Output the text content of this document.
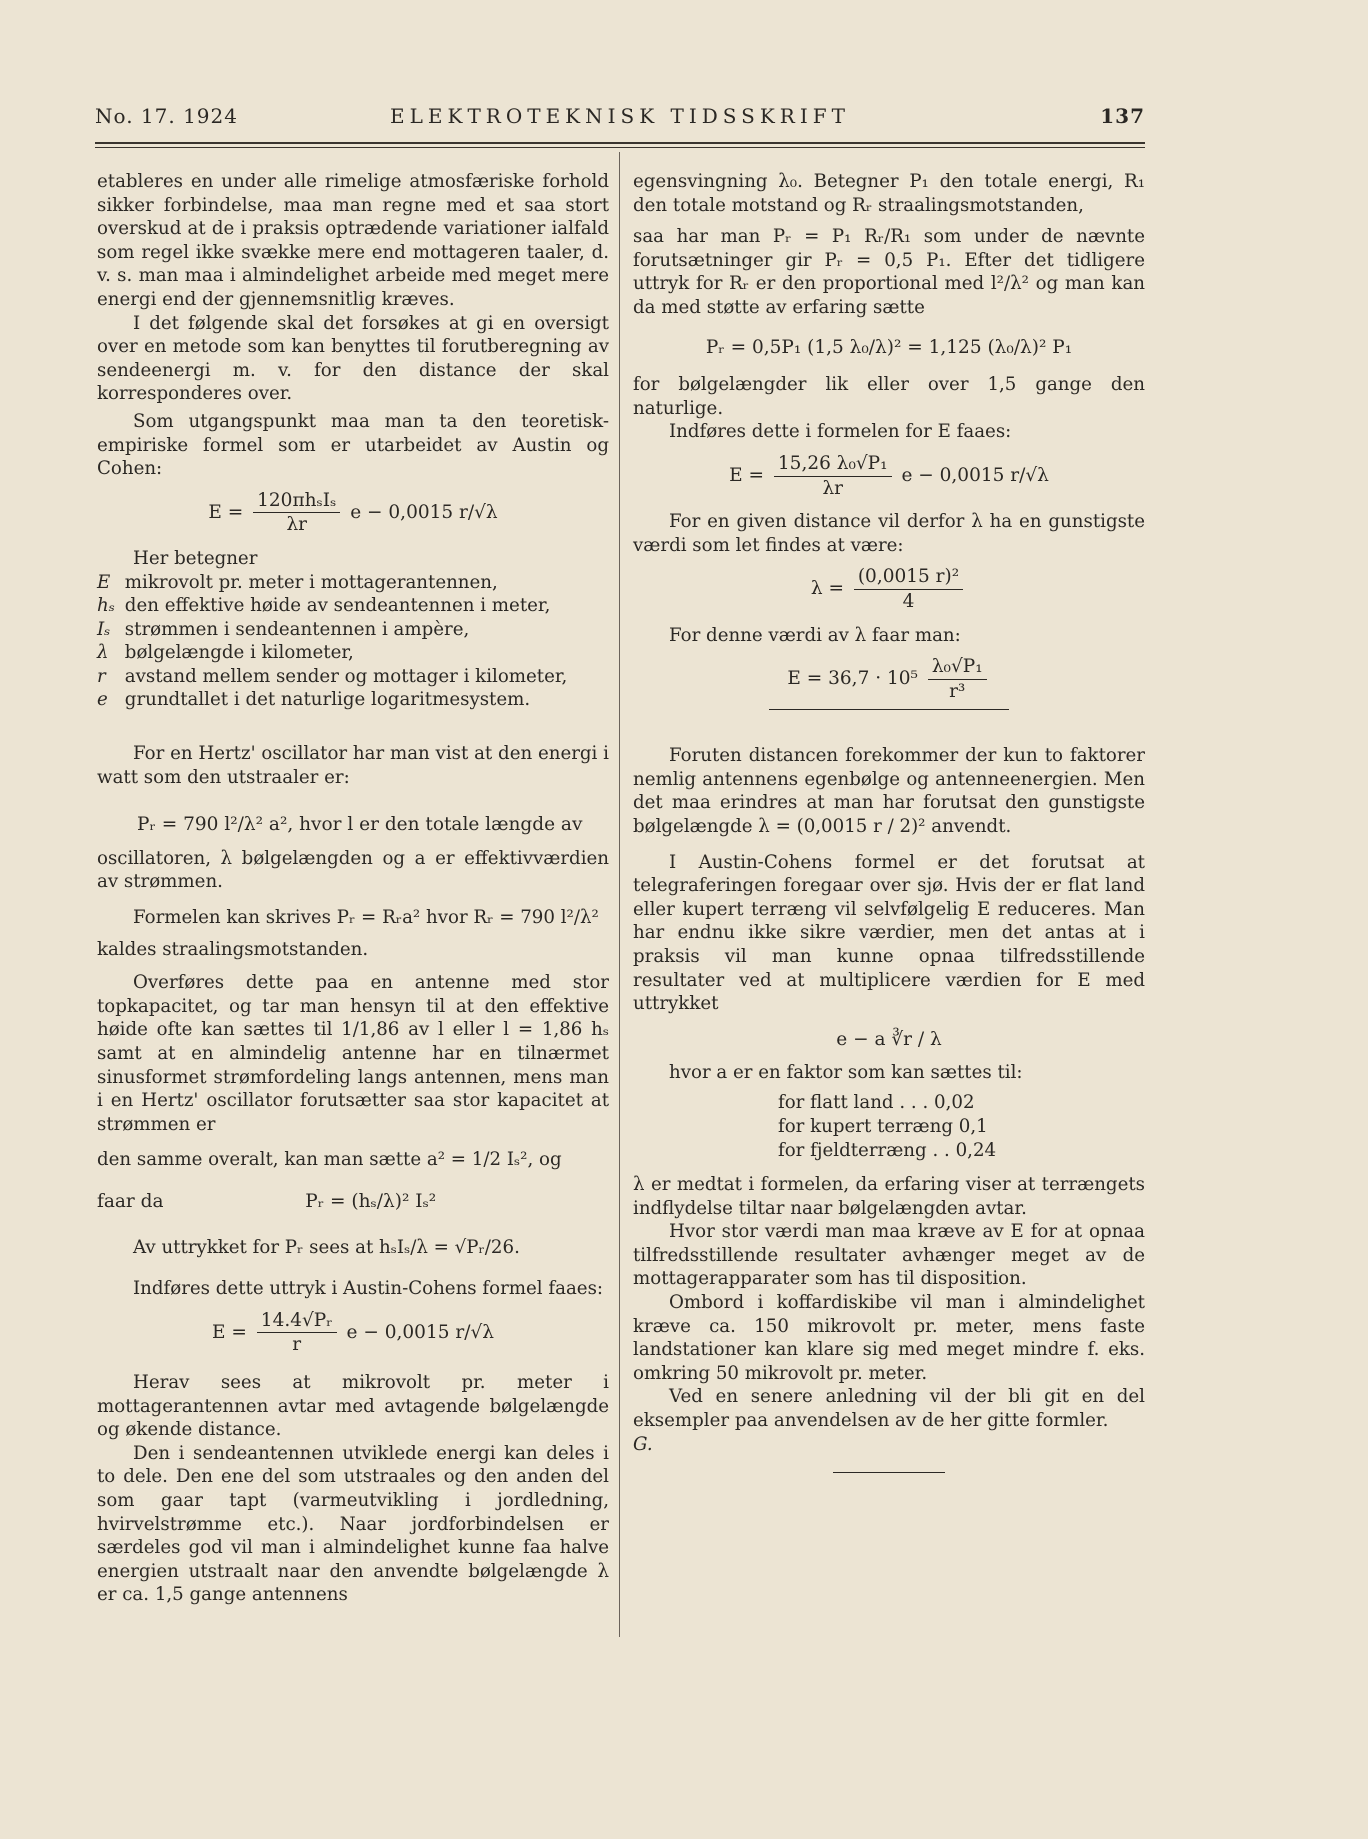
No. 17. 1924	ELEKTROTEKNISK TIDSSKRIFT	137

etableres en under alle rimelige atmosfæriske forhold sikker forbindelse, maa man regne med et saa stort overskud at de i praksis optrædende variationer ialfald som regel ikke svække mere end mottageren taaler, d. v. s. man maa i almindelighet arbeide med meget mere energi end der gjennemsnitlig kræves.

I det følgende skal det forsøkes at gi en oversigt over en metode som kan benyttes til forutberegning av sendeenergi m. v. for den distance der skal korresponderes over.

Som utgangspunkt maa man ta den teoretisk-empiriske formel som er utarbeidet av Austin og Cohen:

$E = \frac{\text{120πhₛIₛ}}{\lambda r}$ e − 0,0015 r/√λ

Her betegner

E mikrovolt pr. meter i mottagerantennen,

hₛ den effektive høide av sendeantennen i meter,

Iₛ strømmen i sendeantennen i ampère,

λ bølgelængde i kilometer,

r avstand mellem sender og mottager i kilometer,

e grundtallet i det naturlige logaritmesystem.

For en Hertz' oscillator har man vist at den energi i watt som den utstraaler er:

Pᵣ = 790 l²/λ² a², hvor l er den totale længde av

oscillatoren, λ bølgelængden og a er effektivværdien av strømmen.

Formelen kan skrives Pᵣ = Rᵣa² hvor Rᵣ = 790 l²/λ²

kaldes straalingsmotstanden.

Overføres dette paa en antenne med stor topkapacitet, og tar man hensyn til at den effektive høide ofte kan sættes til 1/1,86 av l eller l = 1,86 hₛ samt at en almindelig antenne har en tilnærmet sinusformet strømfordeling langs antennen, mens man i en Hertz' oscillator forutsætter saa stor kapacitet at strømmen er

den samme overalt, kan man sætte a² = 1/2 Iₛ², og

faar da	Pᵣ = (hₛ/λ)² Iₛ²

Av uttrykket for Pᵣ sees at hₛIₛ/λ = √Pᵣ/26.

Indføres dette uttryk i Austin-Cohens formel faaes:

$E = \frac{\text{14.4√Pᵣ}}{r}$ e − 0,0015 r/√λ

Herav sees at mikrovolt pr. meter i mottagerantennen avtar med avtagende bølgelængde og økende distance.

Den i sendeantennen utviklede energi kan deles i to dele. Den ene del som utstraales og den anden del som gaar tapt (varmeutvikling i jordledning, hvirvelstrømme etc.). Naar jordforbindelsen er særdeles god vil man i almindelighet kunne faa halve energien utstraalt naar den anvendte bølgelængde λ er ca. 1,5 gange antennens

egensvingning λ₀. Betegner P₁ den totale energi, R₁ den totale motstand og Rᵣ straalingsmotstanden,

saa har man Pᵣ = P₁ Rᵣ/R₁ som under de nævnte forutsætninger gir Pᵣ = 0,5 P₁. Efter det tidligere uttryk for Rᵣ er den proportional med l²/λ² og man kan da med støtte av erfaring sætte

Pᵣ = 0,5P₁ (1,5 λ₀/λ)² = 1,125 (λ₀/λ)² P₁

for bølgelængder lik eller over 1,5 gange den naturlige.

Indføres dette i formelen for E faaes:

$E = \frac{\text{15,26 λ₀√P₁}}{\lambda r}$ e − 0,0015 r/√λ

For en given distance vil derfor λ ha en gunstigste værdi som let findes at være:

$\lambda = \frac{\text{(0,0015 r)²}}{4}$

For denne værdi av λ faar man:

$E = 36,7 \cdot 10^5 \frac{\text{λ₀√P₁}}{\text{r³}}$

Foruten distancen forekommer der kun to faktorer nemlig antennens egenbølge og antenneenergien. Men det maa erindres at man har forutsat den gunstigste bølgelængde λ = (0,0015 r / 2)² anvendt.

I Austin-Cohens formel er det forutsat at telegraferingen foregaar over sjø. Hvis der er flat land eller kupert terræng vil selvfølgelig E reduceres. Man har endnu ikke sikre værdier, men det antas at i praksis vil man kunne opnaa tilfredsstillende resultater ved at multiplicere værdien for E med uttrykket

e − a ∛r / λ

hvor a er en faktor som kan sættes til:

for flatt land . . . 0,02
for kupert terræng 0,1
for fjeldterræng . . 0,24

λ er medtat i formelen, da erfaring viser at terrængets indflydelse tiltar naar bølgelængden avtar.

Hvor stor værdi man maa kræve av E for at opnaa tilfredsstillende resultater avhænger meget av de mottagerapparater som has til disposition.

Ombord i koffardiskibe vil man i almindelighet kræve ca. 150 mikrovolt pr. meter, mens faste landstationer kan klare sig med meget mindre f. eks. omkring 50 mikrovolt pr. meter.

Ved en senere anledning vil der bli git en del eksempler paa anvendelsen av de her gitte formler.

G.
